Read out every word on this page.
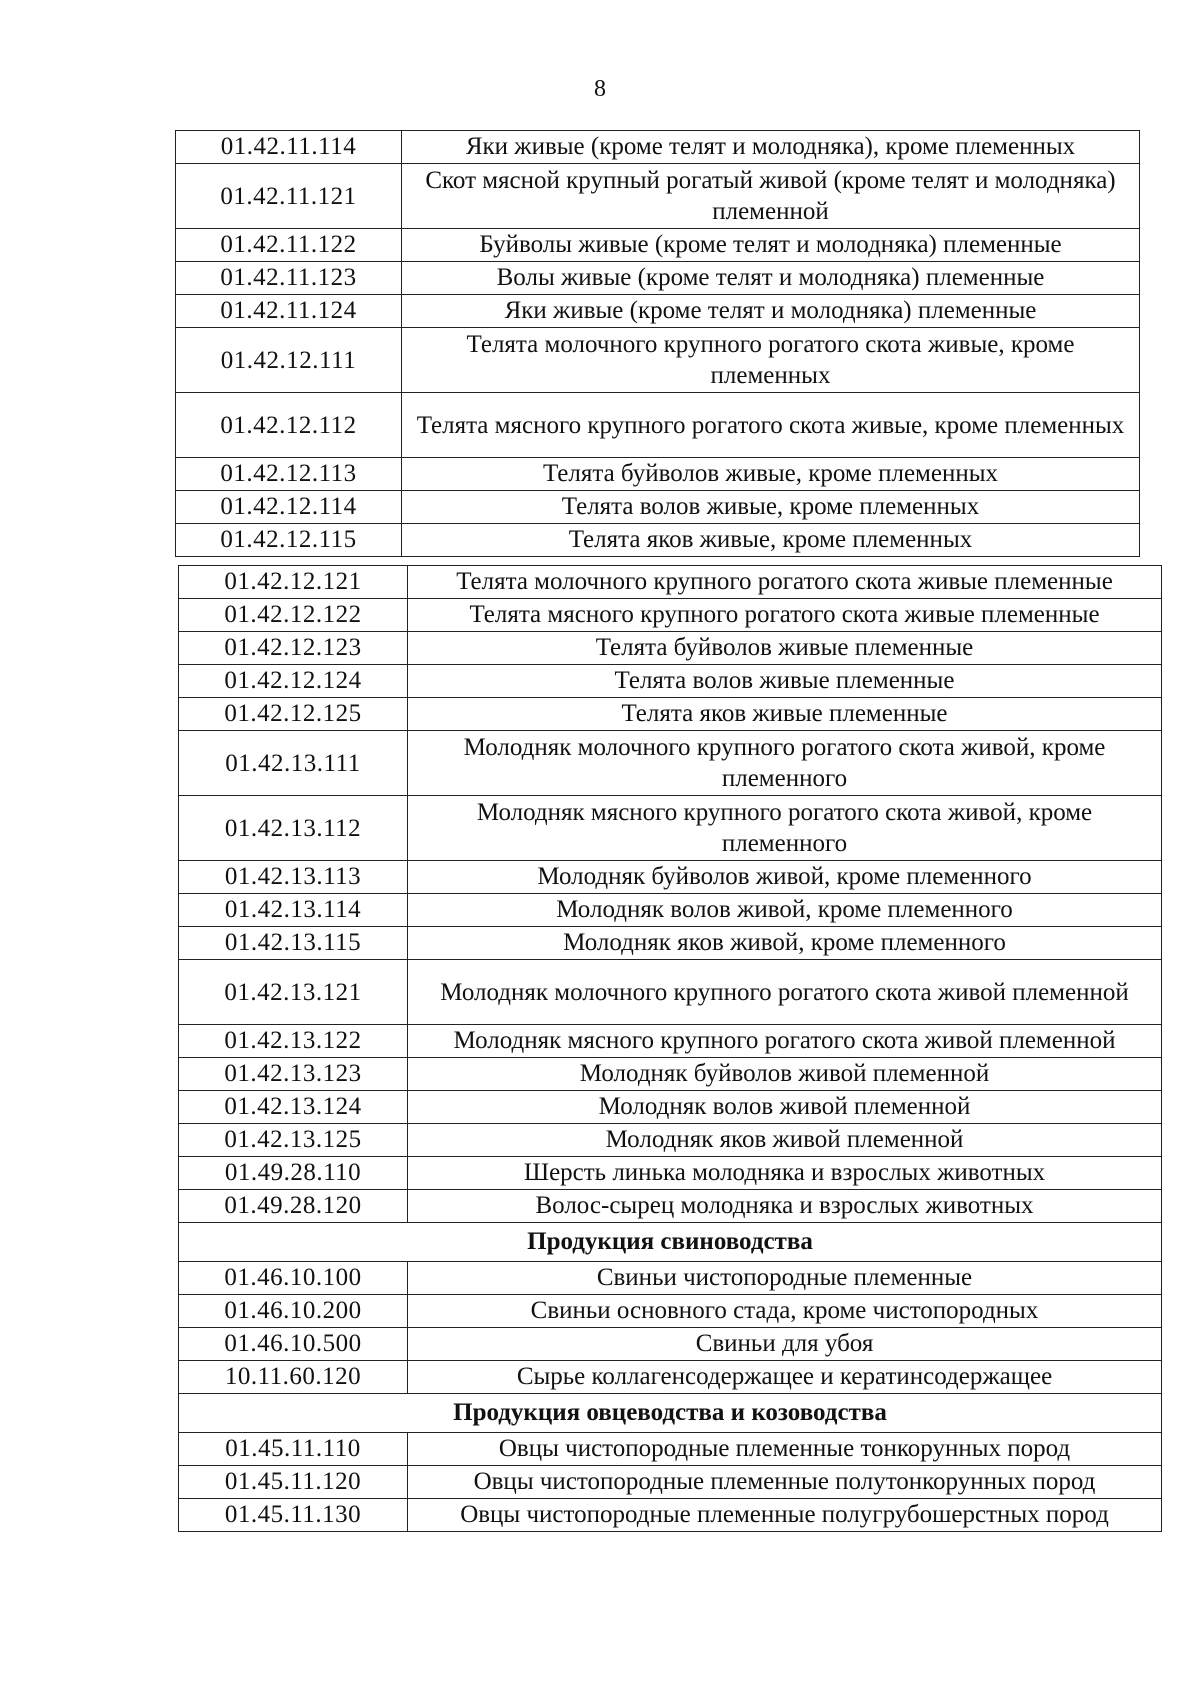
8
01.42.11.114	Яки живые (кроме телят и молодняка), кроме племенных
01.42.11.121	Скот мясной крупный рогатый живой (кроме телят и молодняка) племенной
01.42.11.122	Буйволы живые (кроме телят и молодняка) племенные
01.42.11.123	Волы живые (кроме телят и молодняка) племенные
01.42.11.124	Яки живые (кроме телят и молодняка) племенные
01.42.12.111	Телята молочного крупного рогатого скота живые, кроме племенных
01.42.12.112	Телята мясного крупного рогатого скота живые, кроме племенных
01.42.12.113	Телята буйволов живые, кроме племенных
01.42.12.114	Телята волов живые, кроме племенных
01.42.12.115	Телята яков живые, кроме племенных
01.42.12.121	Телята молочного крупного рогатого скота живые племенные
01.42.12.122	Телята мясного крупного рогатого скота живые племенные
01.42.12.123	Телята буйволов живые племенные
01.42.12.124	Телята волов живые племенные
01.42.12.125	Телята яков живые племенные
01.42.13.111	Молодняк молочного крупного рогатого скота живой, кроме племенного
01.42.13.112	Молодняк мясного крупного рогатого скота живой, кроме племенного
01.42.13.113	Молодняк буйволов живой, кроме племенного
01.42.13.114	Молодняк волов живой, кроме племенного
01.42.13.115	Молодняк яков живой, кроме племенного
01.42.13.121	Молодняк молочного крупного рогатого скота живой племенной
01.42.13.122	Молодняк мясного крупного рогатого скота живой племенной
01.42.13.123	Молодняк буйволов живой племенной
01.42.13.124	Молодняк волов живой племенной
01.42.13.125	Молодняк яков живой племенной
01.49.28.110	Шерсть линька молодняка и взрослых животных
01.49.28.120	Волос-сырец молодняка и взрослых животных
Продукция свиноводства	
01.46.10.100	Свиньи чистопородные племенные
01.46.10.200	Свиньи основного стада, кроме чистопородных
01.46.10.500	Свиньи для убоя
10.11.60.120	Сырье коллагенсодержащее и кератинсодержащее
Продукция овцеводства и козоводства	
01.45.11.110	Овцы чистопородные племенные тонкорунных пород
01.45.11.120	Овцы чистопородные племенные полутонкорунных пород
01.45.11.130	Овцы чистопородные племенные полугрубошерстных пород
